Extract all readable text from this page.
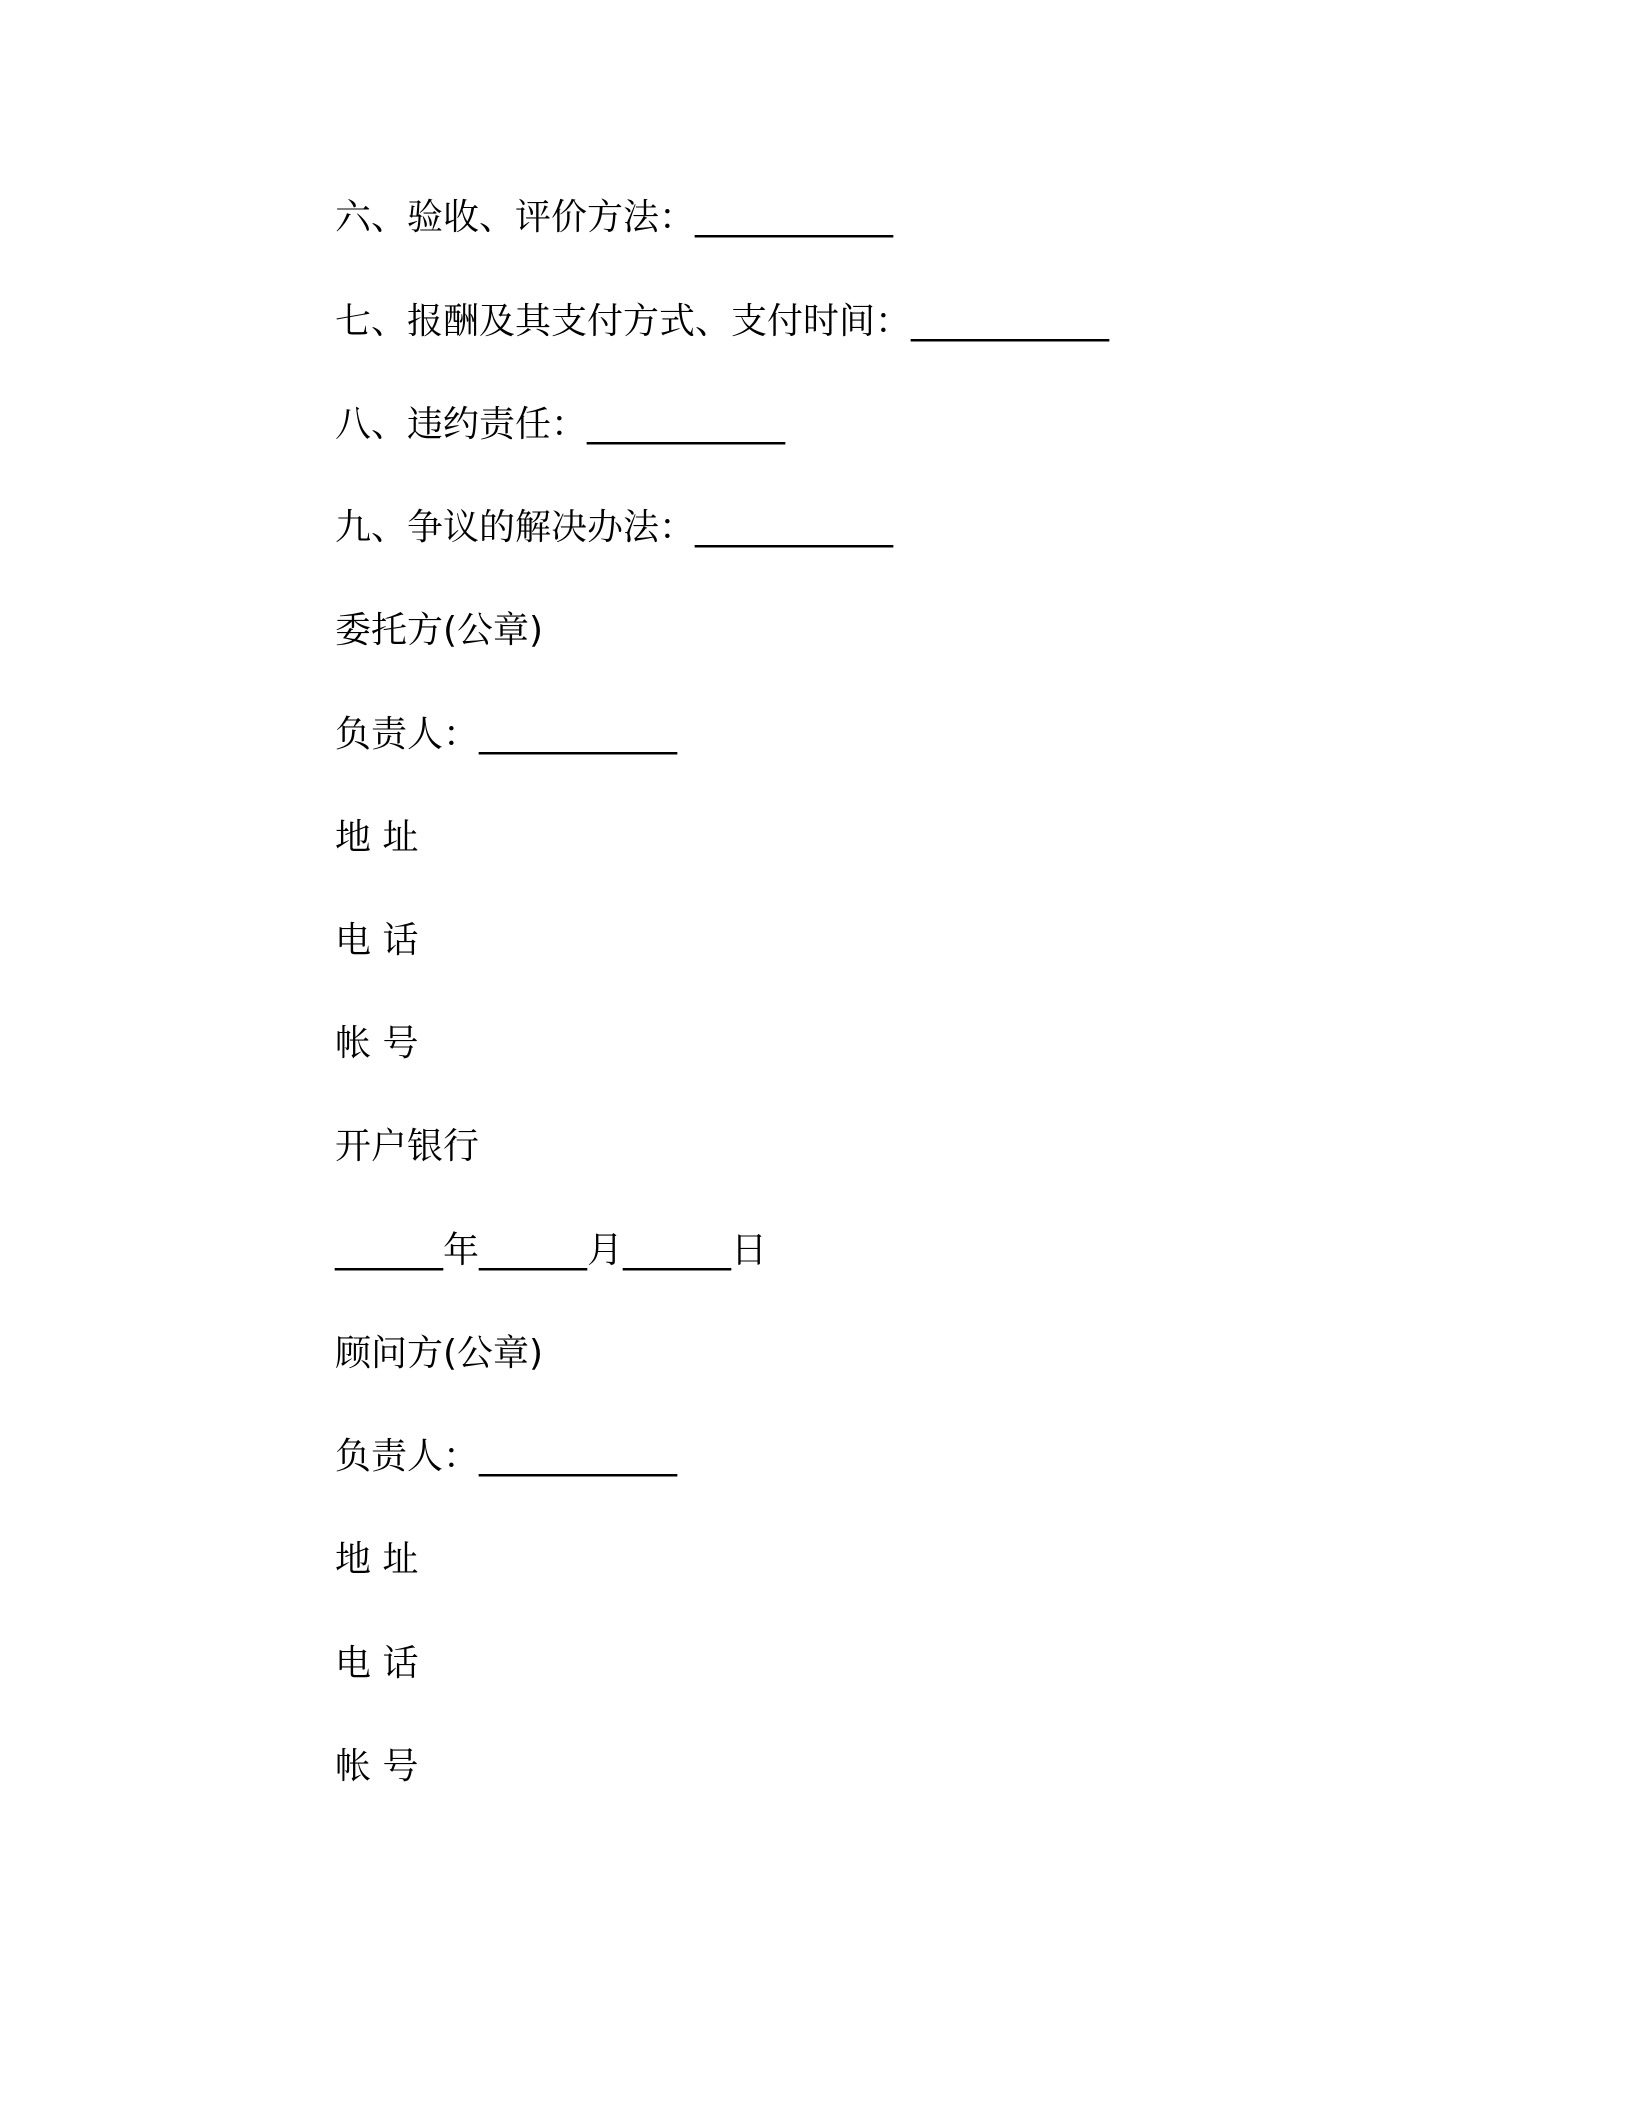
六、验收、评价方法：___________
七、报酬及其支付方式、支付时间：___________
八、违约责任：___________
九、争议的解决办法：___________
委托方(公章)
负责人：___________
地 址
电 话
帐 号
开户银行
______年______月______日
顾问方(公章)
负责人：___________
地 址
电 话
帐 号
